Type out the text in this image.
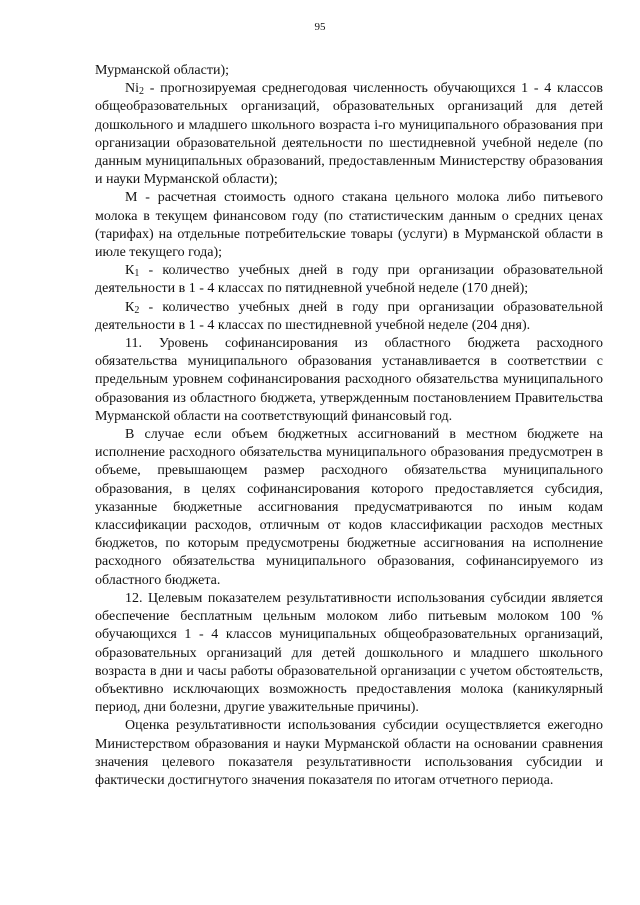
95

Мурманской области);

$Ni_2$ - прогнозируемая среднегодовая численность обучающихся 1 - 4 классов общеобразовательных организаций, образовательных организаций для детей дошкольного и младшего школьного возраста i-го муниципального образования при организации образовательной деятельности по шестидневной учебной неделе (по данным муниципальных образований, предоставленным Министерству образования и науки Мурманской области);

М - расчетная стоимость одного стакана цельного молока либо питьевого молока в текущем финансовом году (по статистическим данным о средних ценах (тарифах) на отдельные потребительские товары (услуги) в Мурманской области в июле текущего года);

$К_1$ - количество учебных дней в году при организации образовательной деятельности в 1 - 4 классах по пятидневной учебной неделе (170 дней);

$К_2$ - количество учебных дней в году при организации образовательной деятельности в 1 - 4 классах по шестидневной учебной неделе (204 дня).

11. Уровень софинансирования из областного бюджета расходного обязательства муниципального образования устанавливается в соответствии с предельным уровнем софинансирования расходного обязательства муниципального образования из областного бюджета, утвержденным постановлением Правительства Мурманской области на соответствующий финансовый год.

В случае если объем бюджетных ассигнований в местном бюджете на исполнение расходного обязательства муниципального образования предусмотрен в объеме, превышающем размер расходного обязательства муниципального образования, в целях софинансирования которого предоставляется субсидия, указанные бюджетные ассигнования предусматриваются по иным кодам классификации расходов, отличным от кодов классификации расходов местных бюджетов, по которым предусмотрены бюджетные ассигнования на исполнение расходного обязательства муниципального образования, софинансируемого из областного бюджета.

12. Целевым показателем результативности использования субсидии является обеспечение бесплатным цельным молоком либо питьевым молоком 100 % обучающихся 1 - 4 классов муниципальных общеобразовательных организаций, образовательных организаций для детей дошкольного и младшего школьного возраста в дни и часы работы образовательной организации с учетом обстоятельств, объективно исключающих возможность предоставления молока (каникулярный период, дни болезни, другие уважительные причины).

Оценка результативности использования субсидии осуществляется ежегодно Министерством образования и науки Мурманской области на основании сравнения значения целевого показателя результативности использования субсидии и фактически достигнутого значения показателя по итогам отчетного периода.
